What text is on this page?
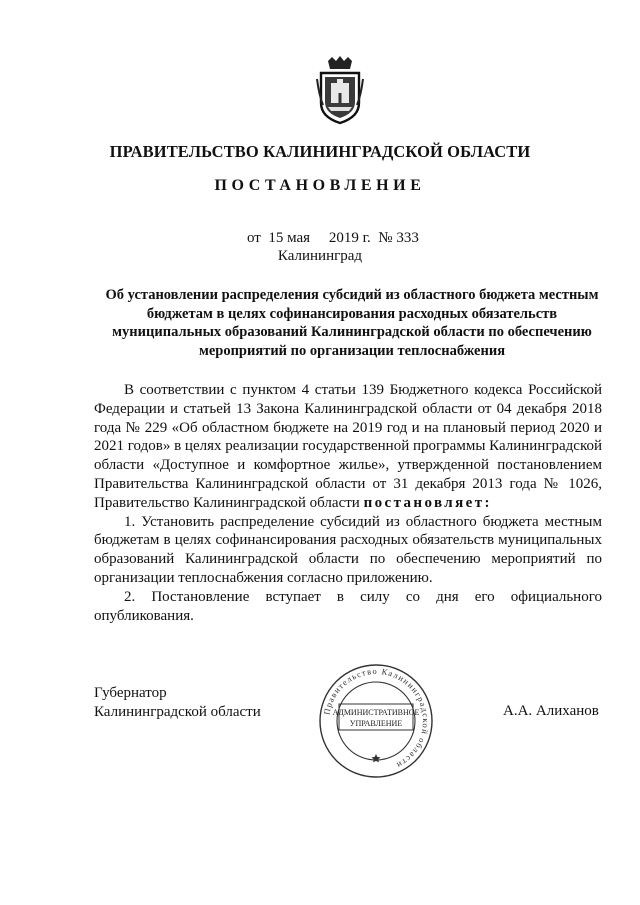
ПРАВИТЕЛЬСТВО КАЛИНИНГРАДСКОЙ ОБЛАСТИ
ПОСТАНОВЛЕНИЕ
от 15 мая 2019 г. № 333
Калининград
Об установлении распределения субсидий из областного бюджета местным бюджетам в целях софинансирования расходных обязательств муниципальных образований Калининградской области по обеспечению мероприятий по организации теплоснабжения

В соответствии с пунктом 4 статьи 139 Бюджетного кодекса Российской Федерации и статьей 13 Закона Калининградской области от 04 декабря 2018 года № 229 «Об областном бюджете на 2019 год и на плановый период 2020 и 2021 годов» в целях реализации государственной программы Калининградской области «Доступное и комфортное жилье», утвержденной постановлением Правительства Калининградской области от 31 декабря 2013 года № 1026, Правительство Калининградской области постановляет:

1. Установить распределение субсидий из областного бюджета местным бюджетам в целях софинансирования расходных обязательств муниципальных образований Калининградской области по обеспечению мероприятий по организации теплоснабжения согласно приложению.

2. Постановление вступает в силу со дня его официального опубликования.

Губернатор
Калининградской области	А.А. Алиханов
Правительство Калининградской области
АДМИНИСТРАТИВНОЕ
УПРАВЛЕНИЕ
